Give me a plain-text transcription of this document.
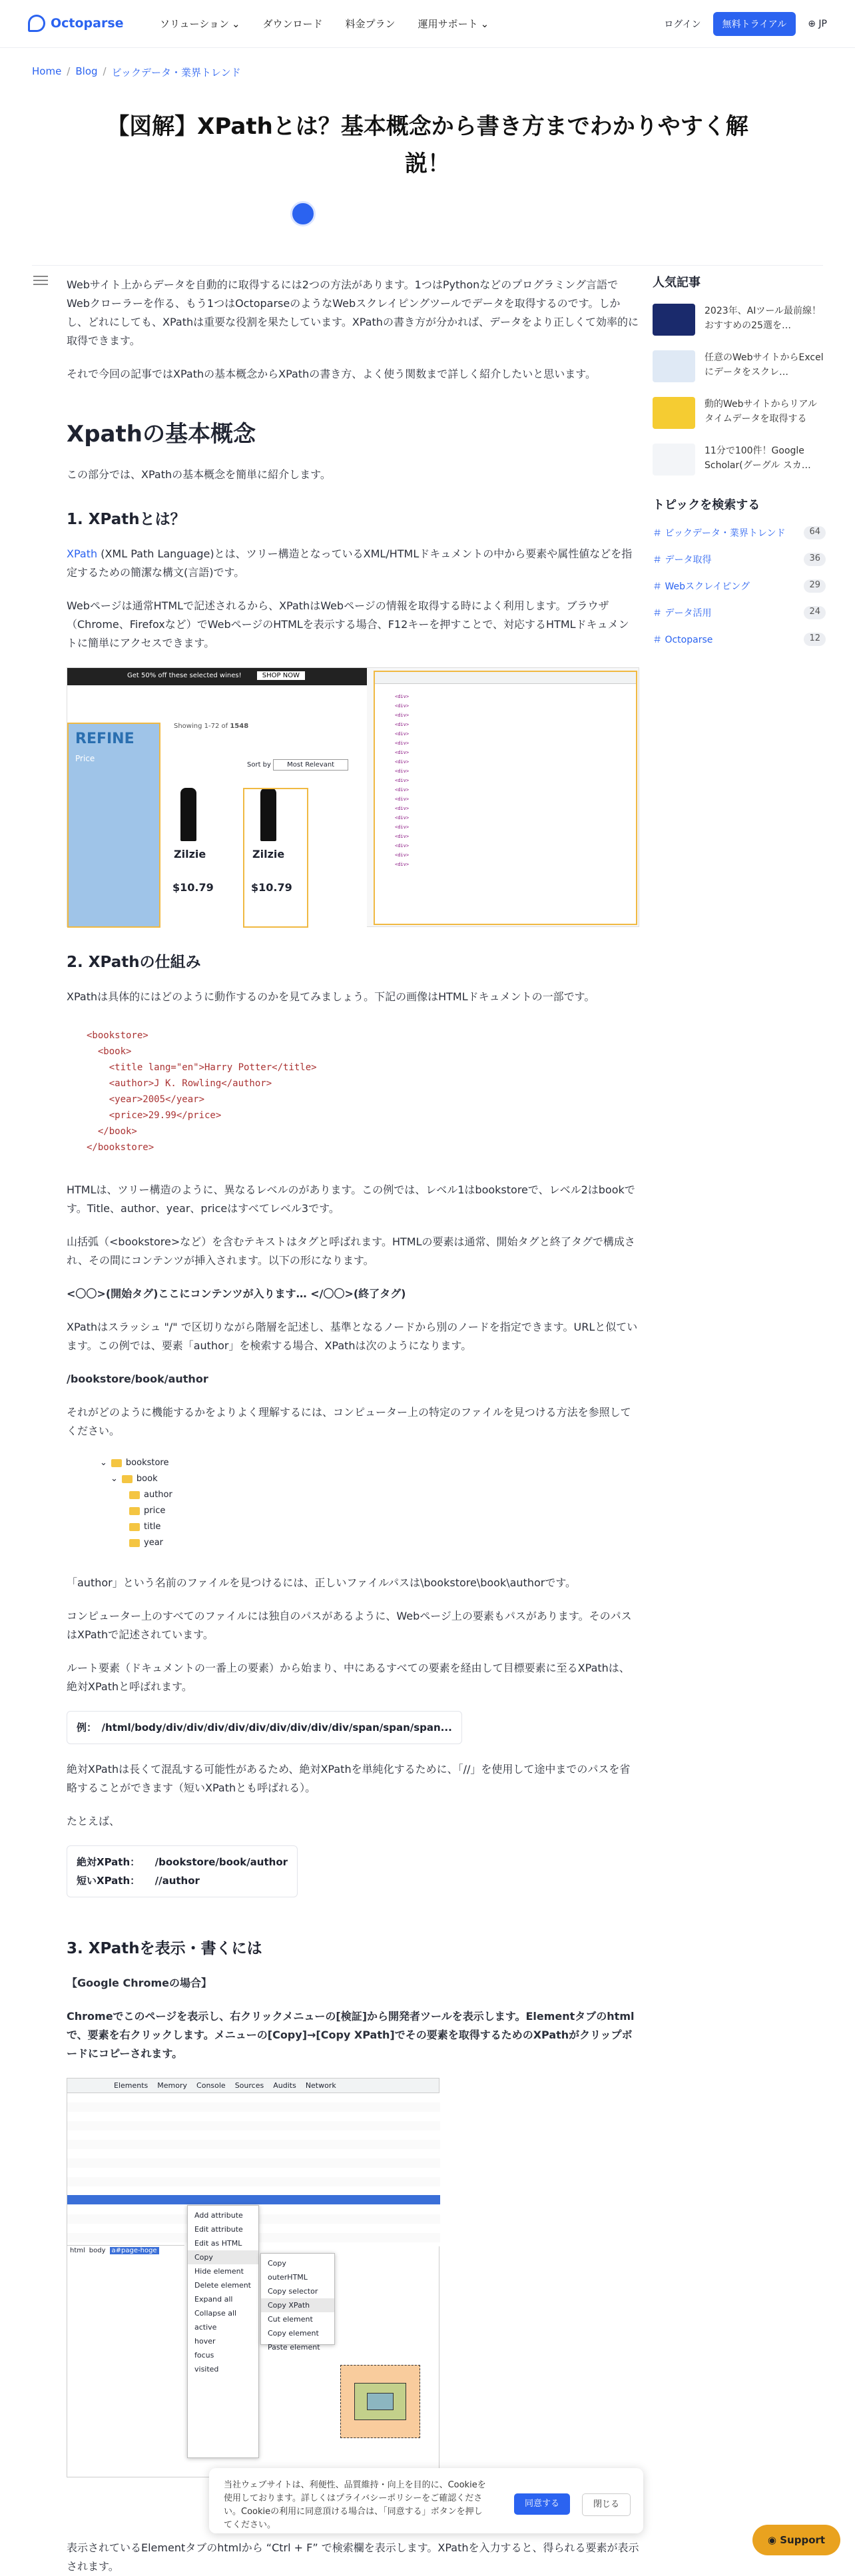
Octoparse	ソリューション ⌄ ダウンロード 料金プラン 運用サポート ⌄	ログイン	無料トライアル	⊕ JP
Home / Blog / ビックデータ・業界トレンド
【図解】XPathとは？基本概念から書き方までわかりやすく解説！

Webサイト上からデータを自動的に取得するには2つの方法があります。1つはPythonなどのプログラミング言語でWebクローラーを作る、もう1つはOctoparseのようなWebスクレイピングツールでデータを取得するのです。しかし、どれにしても、XPathは重要な役割を果たしています。XPathの書き方が分かれば、データをより正しくて効率的に取得できます。

それで今回の記事ではXPathの基本概念からXPathの書き方、よく使う関数まで詳しく紹介したいと思います。

Xpathの基本概念

この部分では、XPathの基本概念を簡単に紹介します。

1. XPathとは？

XPath (XML Path Language)とは、ツリー構造となっているXML/HTMLドキュメントの中から要素や属性値などを指定するための簡潔な構文(言語)です。

Webページは通常HTMLで記述されるから、XPathはWebページの情報を取得する時によく利用します。ブラウザ（Chrome、Firefoxなど）でWebページのHTMLを表示する場合、F12キーを押すことで、対応するHTMLドキュメントに簡単にアクセスできます。

Get 50% off these selected wines!	SHOP NOW
REFINE
Price
Showing 1-72 of 1548
Sort by Most Relevant
Zilzie	Zilzie
$10.79	$10.79
<div>
<div>
<div>
<div>
<div>
<div>
<div>
<div>
<div>
<div>
<div>
<div>
<div>
<div>
<div>
<div>
<div>
<div>
<div>
2. XPathの仕組み

XPathは具体的にはどのように動作するのかを見てみましょう。下記の画像はHTMLドキュメントの一部です。

<bookstore>
<book>
<title lang="en">Harry Potter</title>
<author>J K. Rowling</author>
<year>2005</year>
<price>29.99</price>
</book>
</bookstore>

HTMLは、ツリー構造のように、異なるレベルのがあります。この例では、レベル1はbookstoreで、レベル2はbookです。Title、author、year、priceはすべてレベル3です。

山括弧（<bookstore>など）を含むテキストはタグと呼ばれます。HTMLの要素は通常、開始タグと終了タグで構成され、その間にコンテンツが挿入されます。以下の形になります。

<〇〇>(開始タグ)ここにコンテンツが入ります… </〇〇>(終了タグ)

XPathはスラッシュ "/" で区切りながら階層を記述し、基準となるノードから別のノードを指定できます。URLと似ています。この例では、要素「author」を検索する場合、XPathは次のようになります。

/bookstore/book/author

それがどのように機能するかをよりよく理解するには、コンピューター上の特定のファイルを見つける方法を参照してください。

⌄ bookstore
⌄ book
author
price
title
year

「author」という名前のファイルを見つけるには、正しいファイルパスは\bookstore\book\authorです。

コンピューター上のすべてのファイルには独自のパスがあるように、Webページ上の要素もパスがあります。そのパスはXPathで記述されています。

ルート要素（ドキュメントの一番上の要素）から始まり、中にあるすべての要素を経由して目標要素に至るXPathは、絶対XPathと呼ばれます。

例：　/html/body/div/div/div/div/div/div/div/div/div/span/span/span...

絶対XPathは長くて混乱する可能性があるため、絶対XPathを単純化するために、「//」を使用して途中までのパスを省略することができます（短いXPathとも呼ばれる）。

たとえば、

絶対XPath：　　/bookstore/book/author
短いXPath：　　//author
3. XPathを表示・書くには

【Google Chromeの場合】

Chromeでこのページを表示し、右クリックメニューの[検証]から開発者ツールを表示します。Elementタブのhtmlで、要素を右クリックします。メニューの[Copy]→[Copy XPath]でその要素を取得するためのXPathがクリップボードにコピーされます。

Elements Memory Console Sources Audits Network
Add attribute
Edit attribute
Edit as HTML
Copy
Hide element
Delete element
Expand all
Collapse all
active
hover
focus
visited
Copy outerHTML
Copy selector
Copy XPath
Cut element
Copy element
Paste element
html body a#page-hoge
人気記事
2023年、AIツール最前線！おすすめの25選を…
任意のWebサイトからExcelにデータをスクレ…
動的Webサイトからリアルタイムデータを取得する
11分で100件！Google Scholar(グーグル スカ…
トピックを検索する
＃ ビックデータ・業界トレンド	64
＃ データ取得	36
＃ Webスクレイピング	29
＃ データ活用	24
＃ Octoparse	12
表示されているElementタブのhtmlから “Ctrl + F” で検索欄を表示します。XPathを入力すると、得られる要素が表示されます。
当社ウェブサイトは、利便性、品質維持・向上を目的に、Cookieを使用しております。詳しくはプライバシーポリシーをご確認ください。Cookieの利用に同意頂ける場合は、「同意する」ボタンを押してください。
同意する	閉じる
◉ Support
